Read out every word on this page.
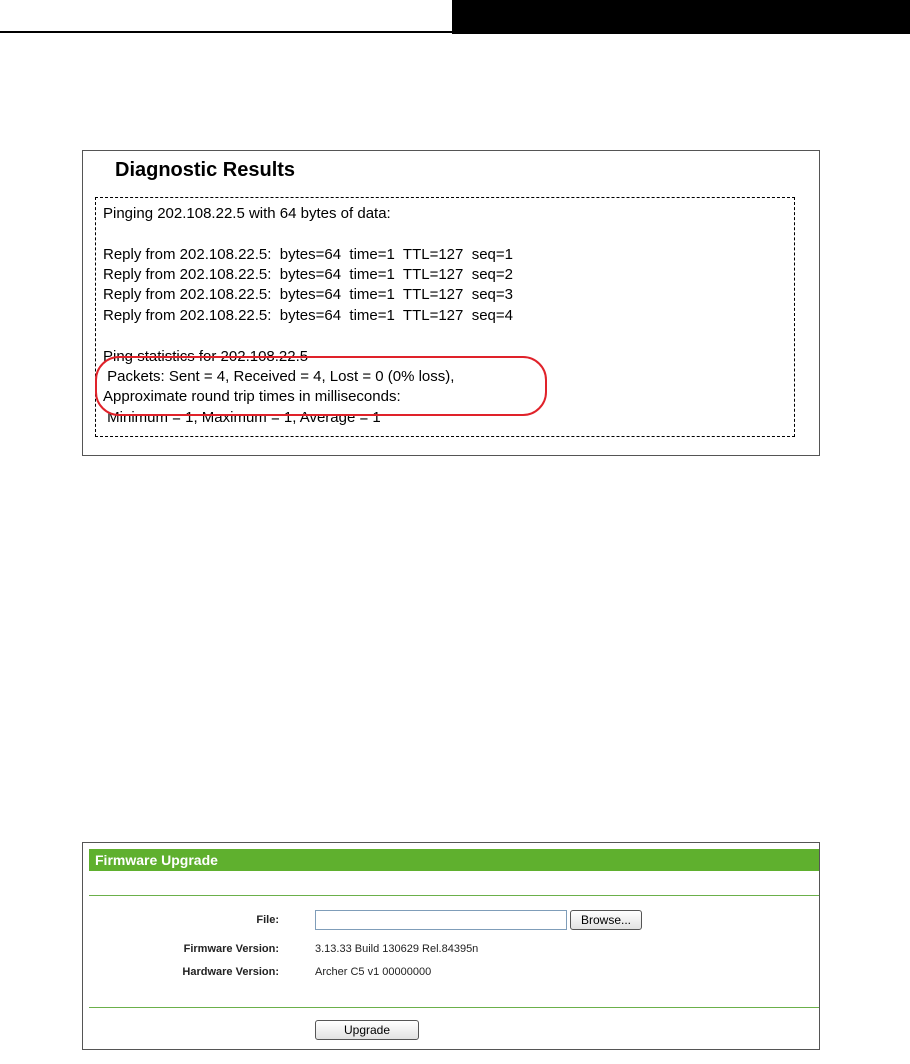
Diagnostic Results
Pinging 202.108.22.5 with 64 bytes of data:
Reply from 202.108.22.5:  bytes=64  time=1  TTL=127  seq=1
Reply from 202.108.22.5:  bytes=64  time=1  TTL=127  seq=2
Reply from 202.108.22.5:  bytes=64  time=1  TTL=127  seq=3
Reply from 202.108.22.5:  bytes=64  time=1  TTL=127  seq=4
Ping statistics for 202.108.22.5
Packets: Sent = 4, Received = 4, Lost = 0 (0% loss),
Approximate round trip times in milliseconds:
Minimum = 1, Maximum = 1, Average = 1
Firmware Upgrade
File:	Browse...
Firmware Version:	3.13.33 Build 130629 Rel.84395n
Hardware Version:	Archer C5 v1 00000000
Upgrade
